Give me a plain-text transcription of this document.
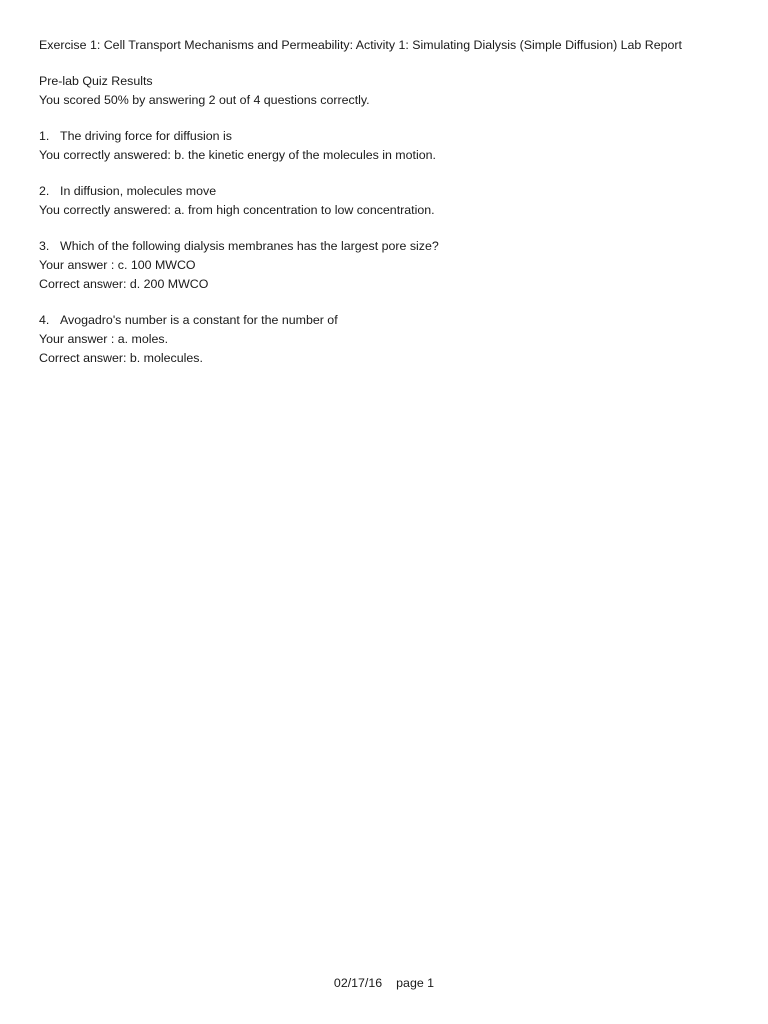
Exercise 1: Cell Transport Mechanisms and Permeability: Activity 1: Simulating Dialysis (Simple Diffusion) Lab Report
Pre-lab Quiz Results
You scored 50% by answering 2 out of 4 questions correctly.
1. The driving force for diffusion is
You correctly answered: b. the kinetic energy of the molecules in motion.
2. In diffusion, molecules move
You correctly answered: a. from high concentration to low concentration.
3. Which of the following dialysis membranes has the largest pore size?
Your answer : c. 100 MWCO
Correct answer: d. 200 MWCO
4. Avogadro's number is a constant for the number of
Your answer : a. moles.
Correct answer: b. molecules.
02/17/16 page 1
